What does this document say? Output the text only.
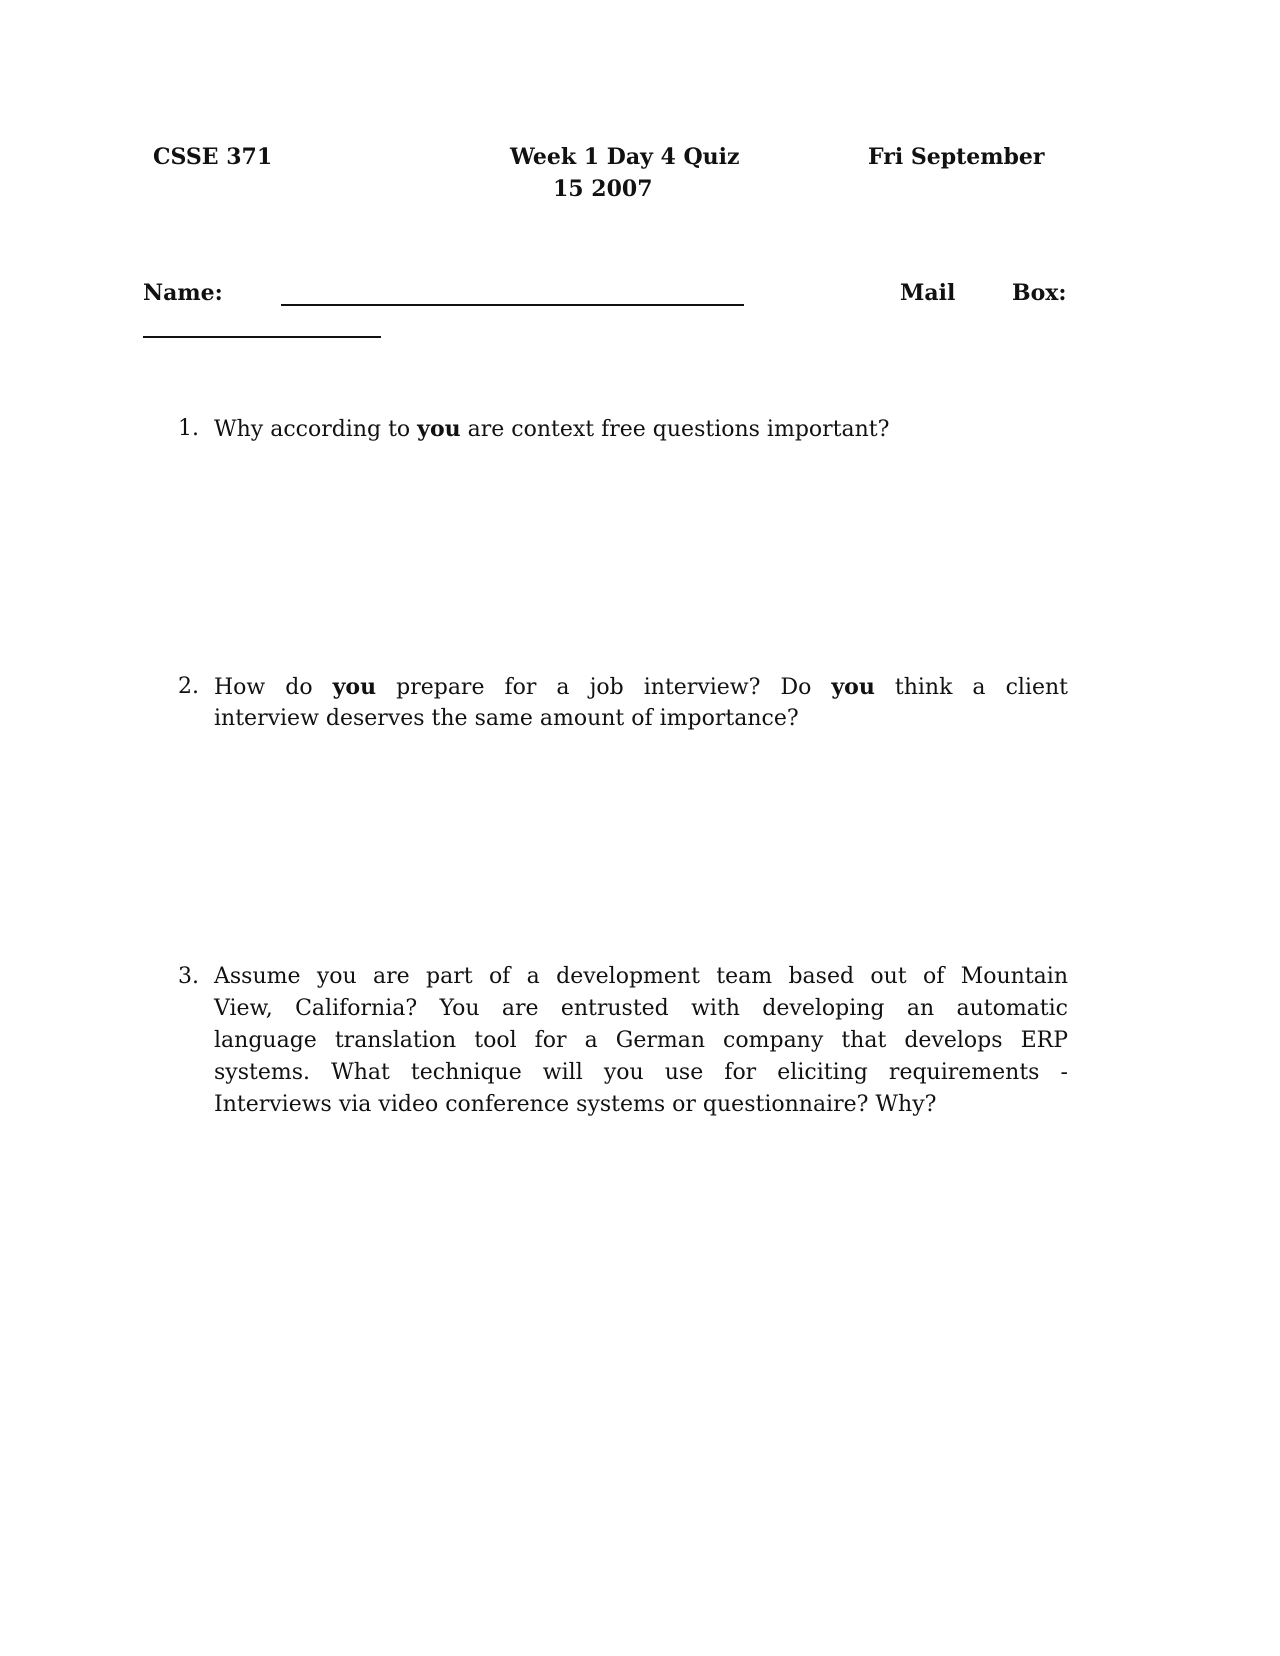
CSSE 371	Week 1 Day 4 Quiz	Fri September
15 2007
Name:	Mail	Box:
1. Why according to you are context free questions important?
2. How do you prepare for a job interview? Do you think a client
interview deserves the same amount of importance?
3. Assume you are part of a development team based out of Mountain
View, California? You are entrusted with developing an automatic
language translation tool for a German company that develops ERP
systems. What technique will you use for eliciting requirements -
Interviews via video conference systems or questionnaire? Why?
